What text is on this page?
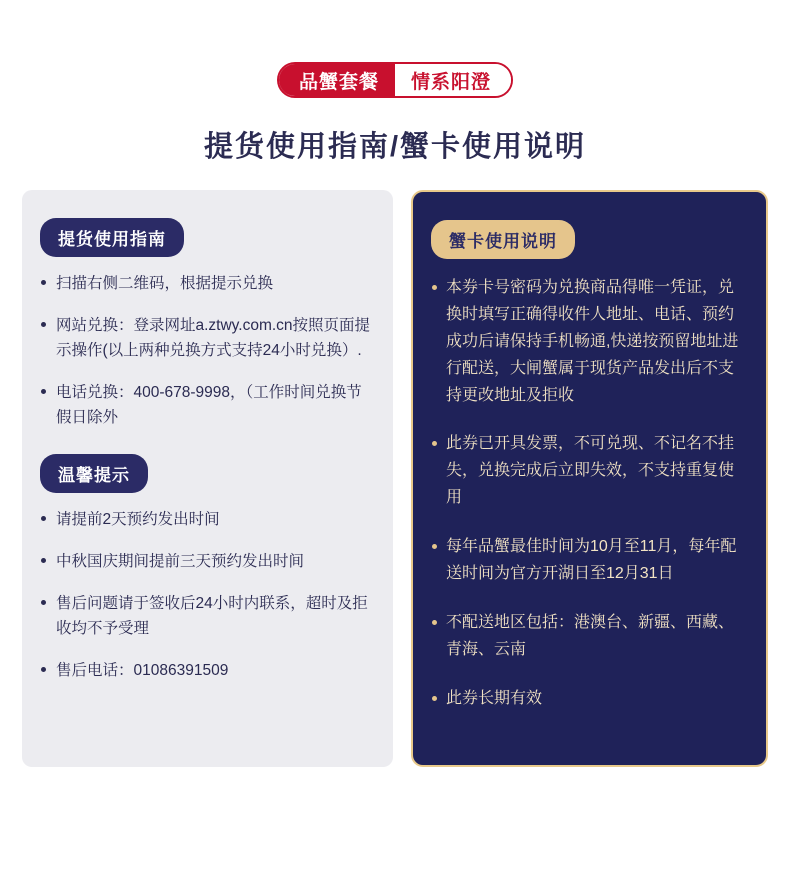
品蟹套餐	情系阳澄
提货使用指南/蟹卡使用说明
提货使用指南
扫描右侧二维码，根据提示兑换
网站兑换：登录网址a.ztwy.com.cn按照页面提示操作(以上两种兑换方式支持24小时兑换）.
电话兑换：400-678-9998，（工作时间兑换节假日除外
温馨提示
请提前2天预约发出时间
中秋国庆期间提前三天预约发出时间
售后问题请于签收后24小时内联系，超时及拒收均不予受理
售后电话：01086391509
蟹卡使用说明
本券卡号密码为兑换商品得唯一凭证，兑换时填写正确得收件人地址、电话、预约成功后请保持手机畅通,快递按预留地址进行配送，大闸蟹属于现货产品发出后不支持更改地址及拒收
此券已开具发票，不可兑现、不记名不挂失，兑换完成后立即失效，不支持重复使用
每年品蟹最佳时间为10月至11月，每年配送时间为官方开湖日至12月31日
不配送地区包括：港澳台、新疆、西藏、青海、云南
此券长期有效
